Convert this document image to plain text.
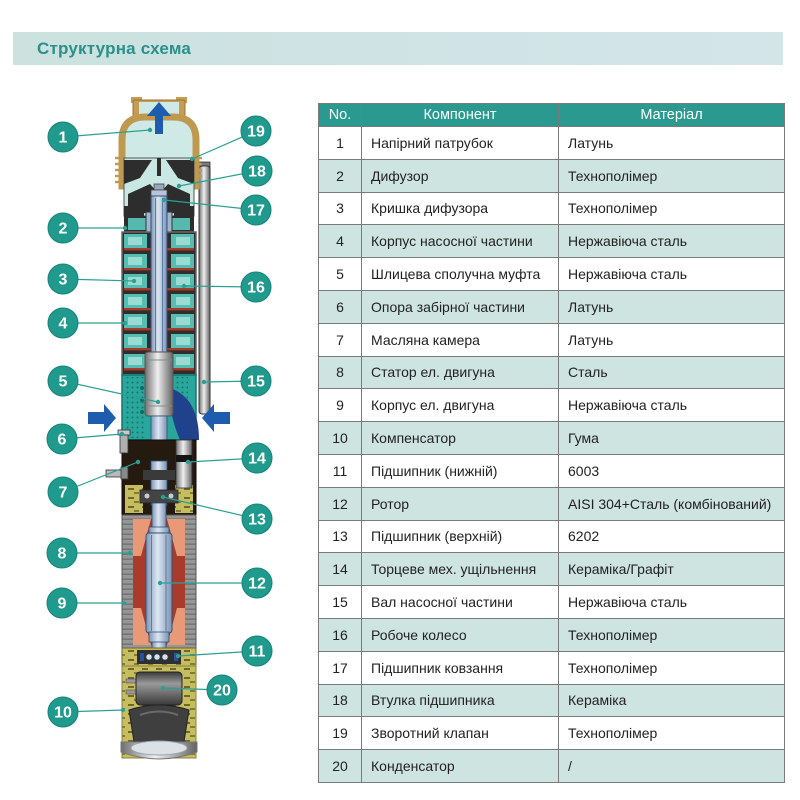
Структурна схема
1
2
3
4
5
6
7
8
9
10
11
12
13
14
15
16
17
18
19
20
No.	Компонент	Матеріал
1	Напірний патрубок	Латунь
2	Дифузор	Технополімер
3	Кришка дифузора	Технополімер
4	Корпус насосної частини	Нержавіюча сталь
5	Шлицева сполучна муфта	Нержавіюча сталь
6	Опора забірної частини	Латунь
7	Масляна камера	Латунь
8	Статор ел. двигуна	Сталь
9	Корпус ел. двигуна	Нержавіюча сталь
10	Компенсатор	Гума
11	Підшипник (нижній)	6003
12	Ротор	AISI 304+Сталь (комбінований)
13	Підшипник (верхній)	6202
14	Торцеве мех. ущільнення	Кераміка/Графіт
15	Вал насосної частини	Нержавіюча сталь
16	Робоче колесо	Технополімер
17	Підшипник ковзання	Технополімер
18	Втулка підшипника	Кераміка
19	Зворотний клапан	Технополімер
20	Конденсатор	/
